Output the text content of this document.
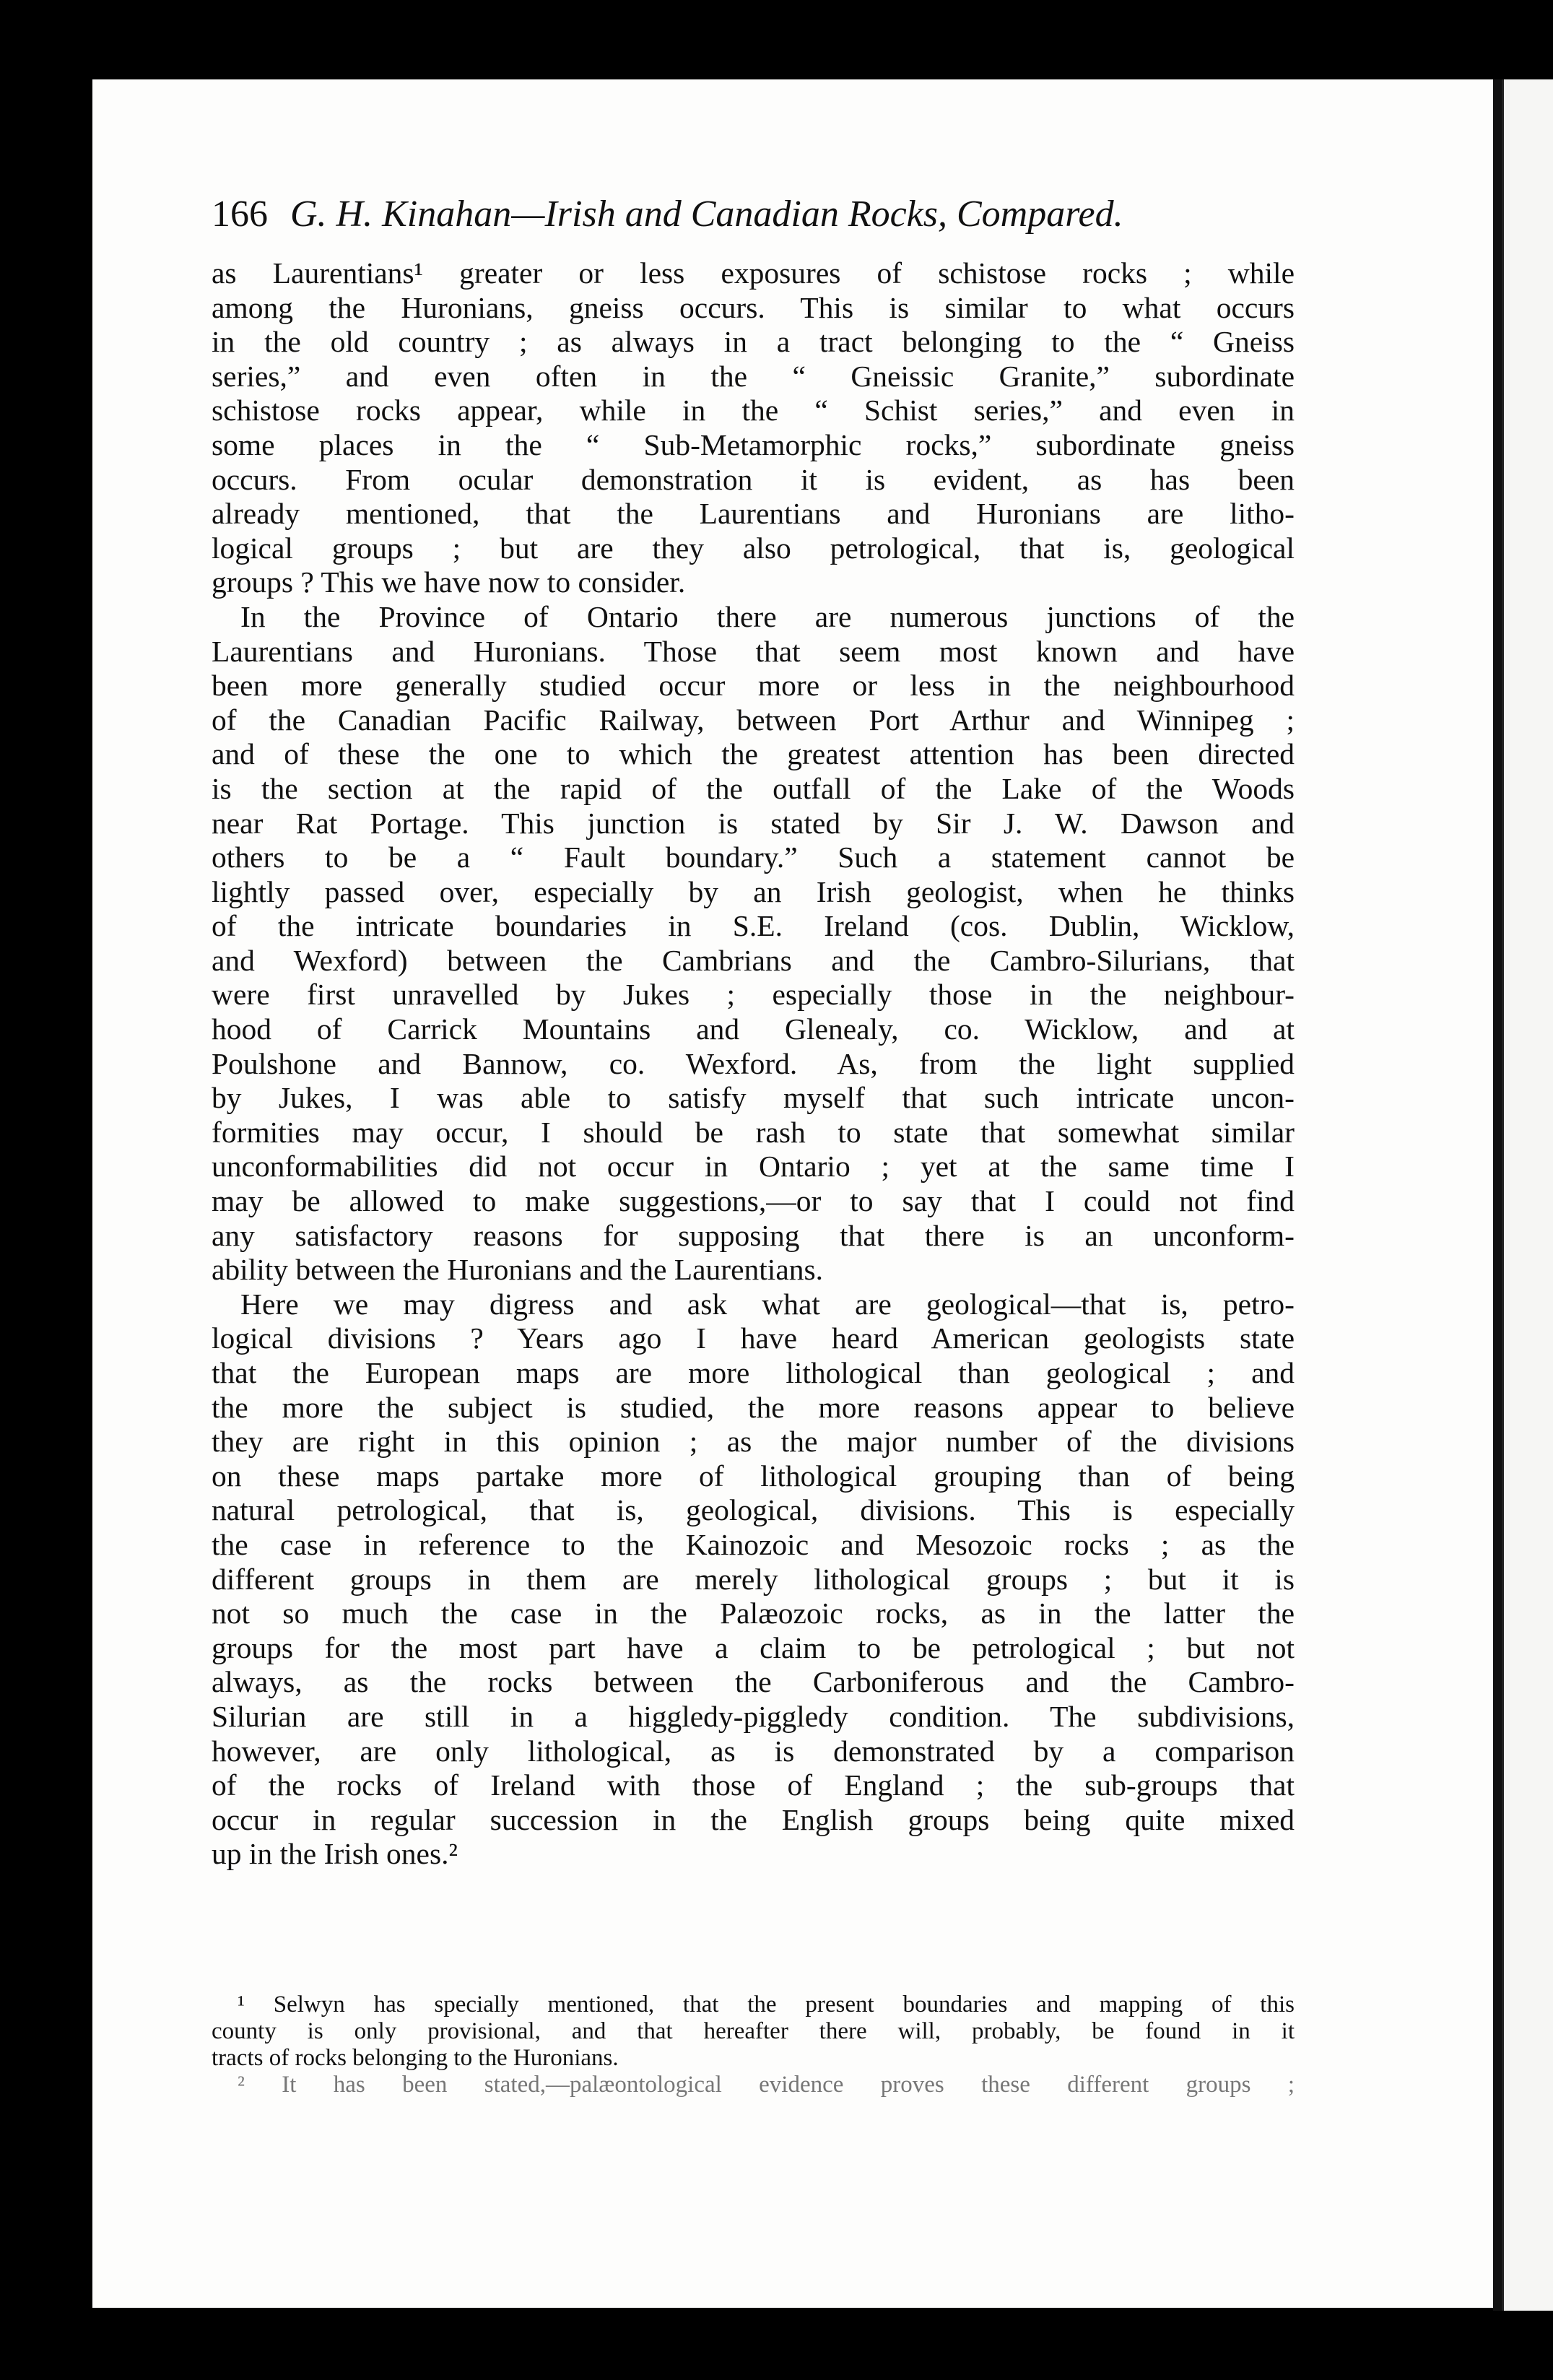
166 G. H. Kinahan—Irish and Canadian Rocks, Compared.
as Laurentians¹ greater or less exposures of schistose rocks ; while
among the Huronians, gneiss occurs. This is similar to what occurs
in the old country ; as always in a tract belonging to the “ Gneiss
series,” and even often in the “ Gneissic Granite,” subordinate
schistose rocks appear, while in the “ Schist series,” and even in
some places in the “ Sub-Metamorphic rocks,” subordinate gneiss
occurs. From ocular demonstration it is evident, as has been
already mentioned, that the Laurentians and Huronians are litho-
logical groups ; but are they also petrological, that is, geological
groups ? This we have now to consider.
In the Province of Ontario there are numerous junctions of the
Laurentians and Huronians. Those that seem most known and have
been more generally studied occur more or less in the neighbourhood
of the Canadian Pacific Railway, between Port Arthur and Winnipeg ;
and of these the one to which the greatest attention has been directed
is the section at the rapid of the outfall of the Lake of the Woods
near Rat Portage. This junction is stated by Sir J. W. Dawson and
others to be a “ Fault boundary.” Such a statement cannot be
lightly passed over, especially by an Irish geologist, when he thinks
of the intricate boundaries in S.E. Ireland (cos. Dublin, Wicklow,
and Wexford) between the Cambrians and the Cambro-Silurians, that
were first unravelled by Jukes ; especially those in the neighbour-
hood of Carrick Mountains and Glenealy, co. Wicklow, and at
Poulshone and Bannow, co. Wexford. As, from the light supplied
by Jukes, I was able to satisfy myself that such intricate uncon-
formities may occur, I should be rash to state that somewhat similar
unconformabilities did not occur in Ontario ; yet at the same time I
may be allowed to make suggestions,—or to say that I could not find
any satisfactory reasons for supposing that there is an unconform-
ability between the Huronians and the Laurentians.
Here we may digress and ask what are geological—that is, petro-
logical divisions ? Years ago I have heard American geologists state
that the European maps are more lithological than geological ; and
the more the subject is studied, the more reasons appear to believe
they are right in this opinion ; as the major number of the divisions
on these maps partake more of lithological grouping than of being
natural petrological, that is, geological, divisions. This is especially
the case in reference to the Kainozoic and Mesozoic rocks ; as the
different groups in them are merely lithological groups ; but it is
not so much the case in the Palæozoic rocks, as in the latter the
groups for the most part have a claim to be petrological ; but not
always, as the rocks between the Carboniferous and the Cambro-
Silurian are still in a higgledy-piggledy condition. The subdivisions,
however, are only lithological, as is demonstrated by a comparison
of the rocks of Ireland with those of England ; the sub-groups that
occur in regular succession in the English groups being quite mixed
up in the Irish ones.²
¹ Selwyn has specially mentioned, that the present boundaries and mapping of this
county is only provisional, and that hereafter there will, probably, be found in it
tracts of rocks belonging to the Huronians.
² It has been stated,—palæontological evidence proves these different groups ;
